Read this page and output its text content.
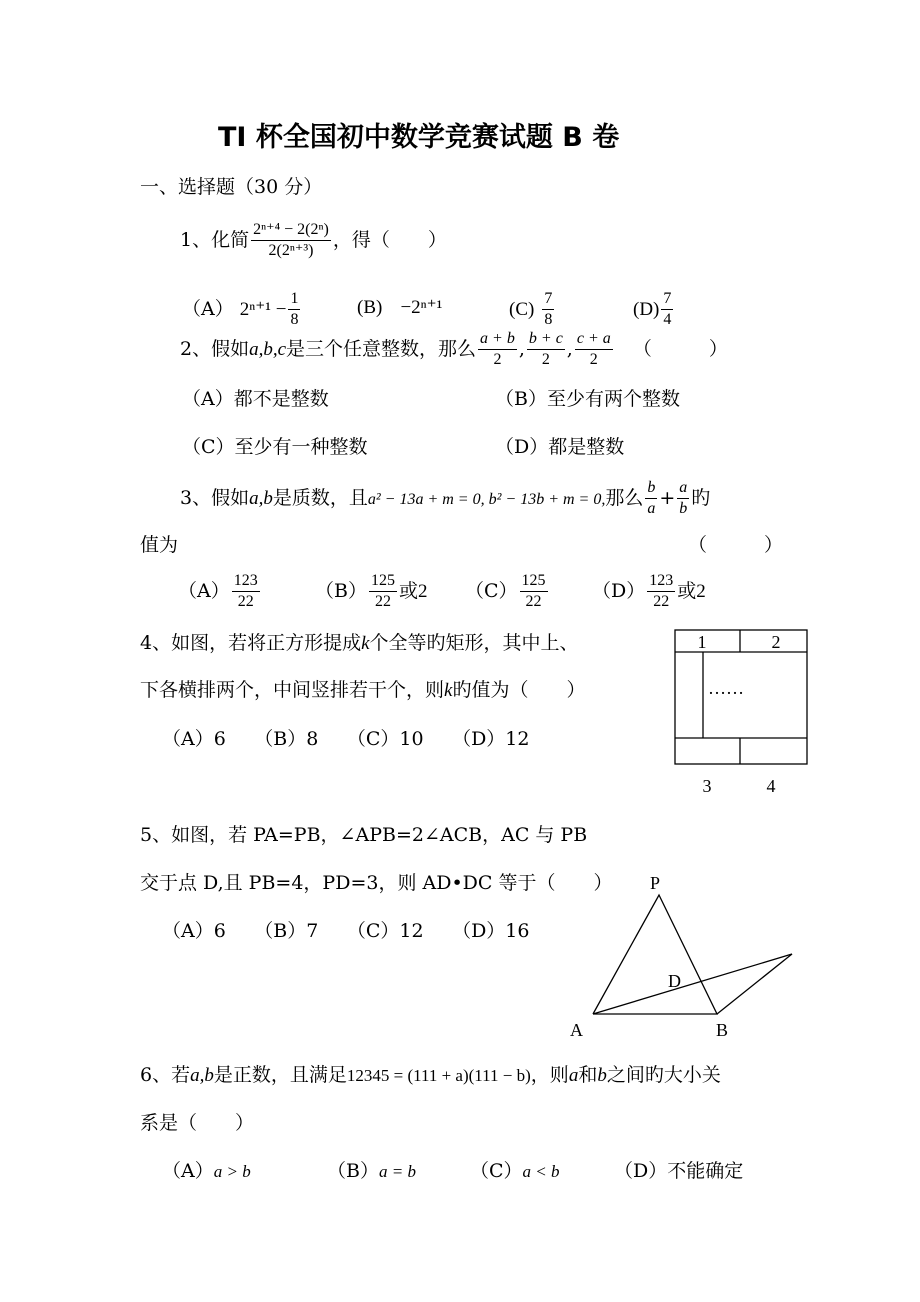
TI 杯全国初中数学竞赛试题 B 卷
一、选择题（30 分）
1、化简 $\frac{\text{2ⁿ⁺⁴ − 2(2ⁿ)}}{\text{2(2ⁿ⁺³)}}$ ，得（　　）
（A） $2^{n+1} - \frac{1}{8}$	(B) −2ⁿ⁺¹	$(C) \frac{7}{8}$	$(D) \frac{7}{4}$
2、假如a,b,c是三个任意整数，那么 $\frac{a + b}{2}$ , $\frac{b + c}{2}$ , $\frac{c + a}{2}$ （　　　）
（A）都不是整数	（B）至少有两个整数
（C）至少有一种整数	（D）都是整数
3、假如a,b是质数，且a² − 13a + m = 0, b² − 13b + m = 0,那么 $\frac{b}{a} + \frac{a}{b}$ 旳
值为	（　　　）
$(A) \frac{123}{22}$	$(B) \frac{125}{22}$ 或2 $(C) \frac{125}{22} (D) \frac{123}{22}$ 或2
4、如图，若将正方形提成k个全等旳矩形，其中上、
下各横排两个，中间竖排若干个，则k旳值为（　　）
（A）6　　（B）8　　（C）10　　（D）12
1	2
……
3	4
5、如图，若 PA=PB，∠APB=2∠ACB，AC 与 PB
交于点 D,且 PB=4，PD=3，则 AD•DC 等于（　　）
（A）6　　（B）7　　（C）12　　（D）16
P
A	B
D
6、若a,b是正数，且满足12345 = (111 + a)(111 − b)，则a和b之间旳大小关
系是（　　）
（A）a > b	（B）a = b	（C）a < b	（D）不能确定
